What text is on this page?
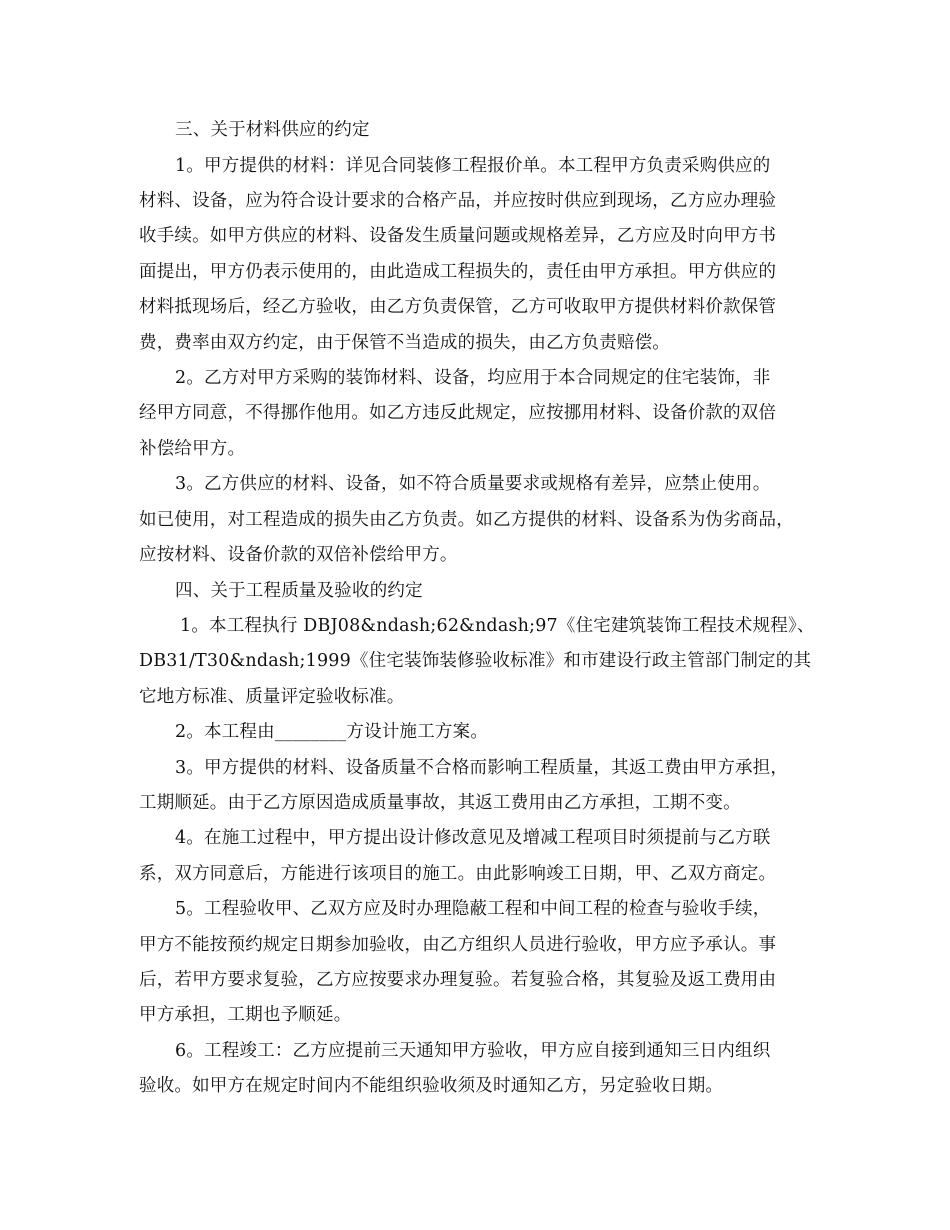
三、关于材料供应的约定
1。甲方提供的材料：详见合同装修工程报价单。本工程甲方负责采购供应的
材料、设备，应为符合设计要求的合格产品，并应按时供应到现场，乙方应办理验
收手续。如甲方供应的材料、设备发生质量问题或规格差异，乙方应及时向甲方书
面提出，甲方仍表示使用的，由此造成工程损失的，责任由甲方承担。甲方供应的
材料抵现场后，经乙方验收，由乙方负责保管，乙方可收取甲方提供材料价款保管
费，费率由双方约定，由于保管不当造成的损失，由乙方负责赔偿。
2。乙方对甲方采购的装饰材料、设备，均应用于本合同规定的住宅装饰，非
经甲方同意，不得挪作他用。如乙方违反此规定，应按挪用材料、设备价款的双倍
补偿给甲方。
3。乙方供应的材料、设备，如不符合质量要求或规格有差异，应禁止使用。
如已使用，对工程造成的损失由乙方负责。如乙方提供的材料、设备系为伪劣商品，
应按材料、设备价款的双倍补偿给甲方。
四、关于工程质量及验收的约定
1。本工程执行 DBJ08&ndash;62&ndash;97《住宅建筑装饰工程技术规程》、
DB31/T30&ndash;1999《住宅装饰装修验收标准》和市建设行政主管部门制定的其
它地方标准、质量评定验收标准。
2。本工程由________方设计施工方案。
3。甲方提供的材料、设备质量不合格而影响工程质量，其返工费由甲方承担，
工期顺延。由于乙方原因造成质量事故，其返工费用由乙方承担，工期不变。
4。在施工过程中，甲方提出设计修改意见及增减工程项目时须提前与乙方联
系，双方同意后，方能进行该项目的施工。由此影响竣工日期，甲、乙双方商定。
5。工程验收甲、乙双方应及时办理隐蔽工程和中间工程的检查与验收手续，
甲方不能按预约规定日期参加验收，由乙方组织人员进行验收，甲方应予承认。事
后，若甲方要求复验，乙方应按要求办理复验。若复验合格，其复验及返工费用由
甲方承担，工期也予顺延。
6。工程竣工：乙方应提前三天通知甲方验收，甲方应自接到通知三日内组织
验收。如甲方在规定时间内不能组织验收须及时通知乙方，另定验收日期。
